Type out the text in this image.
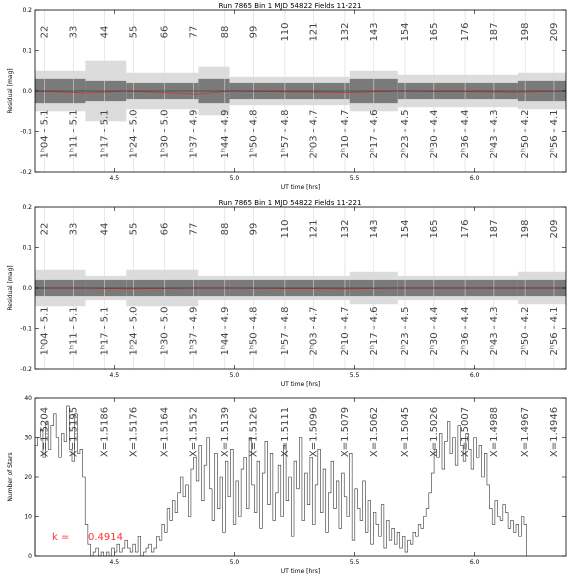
Run 7865 Bin 1 MJD 54822 Fields 11-221
22
1ʰ04 - 5.1
33
1ʰ11 - 5.1
44
1ʰ17 - 5.1
55
1ʰ24 - 5.0
66
1ʰ30 - 5.0
77
1ʰ37 - 4.9
88
1ʰ44 - 4.9
99
1ʰ50 - 4.8
110
1ʰ57 - 4.8
121
2ʰ03 - 4.7
132
2ʰ10 - 4.7
143
2ʰ17 - 4.6
154
2ʰ23 - 4.5
165
2ʰ30 - 4.4
176
2ʰ36 - 4.4
187
2ʰ43 - 4.3
198
2ʰ50 - 4.2
209
2ʰ56 - 4.1
4.5	5.0	5.5	6.0
0.2
0.1
0.0
-0.1
-0.2
UT time [hrs]
Residual [mag]
Run 7865 Bin 1 MJD 54822 Fields 11-221
22
1ʰ04 - 5.1
33
1ʰ11 - 5.1
44
1ʰ17 - 5.1
55
1ʰ24 - 5.0
66
1ʰ30 - 5.0
77
1ʰ37 - 4.9
88
1ʰ44 - 4.9
99
1ʰ50 - 4.8
110
1ʰ57 - 4.8
121
2ʰ03 - 4.7
132
2ʰ10 - 4.7
143
2ʰ17 - 4.6
154
2ʰ23 - 4.5
165
2ʰ30 - 4.4
176
2ʰ36 - 4.4
187
2ʰ43 - 4.3
198
2ʰ50 - 4.2
209
2ʰ56 - 4.1
4.5	5.0	5.5	6.0
0.2
0.1
0.0
-0.1
-0.2
UT time [hrs]
Residual [mag]
X=1.5204 X=1.5195 X=1.5186 X=1.5176 X=1.5164 X=1.5152 X=1.5139 X=1.5126 X=1.5111 X=1.5096 X=1.5079 X=1.5062 X=1.5045 X=1.5026 X=1.5007 X=1.4988 X=1.4967 X=1.4946
4.5	5.0	5.5	6.0
40
30
20
10
0
UT time [hrs]
Number of Stars
k = 0.4914
